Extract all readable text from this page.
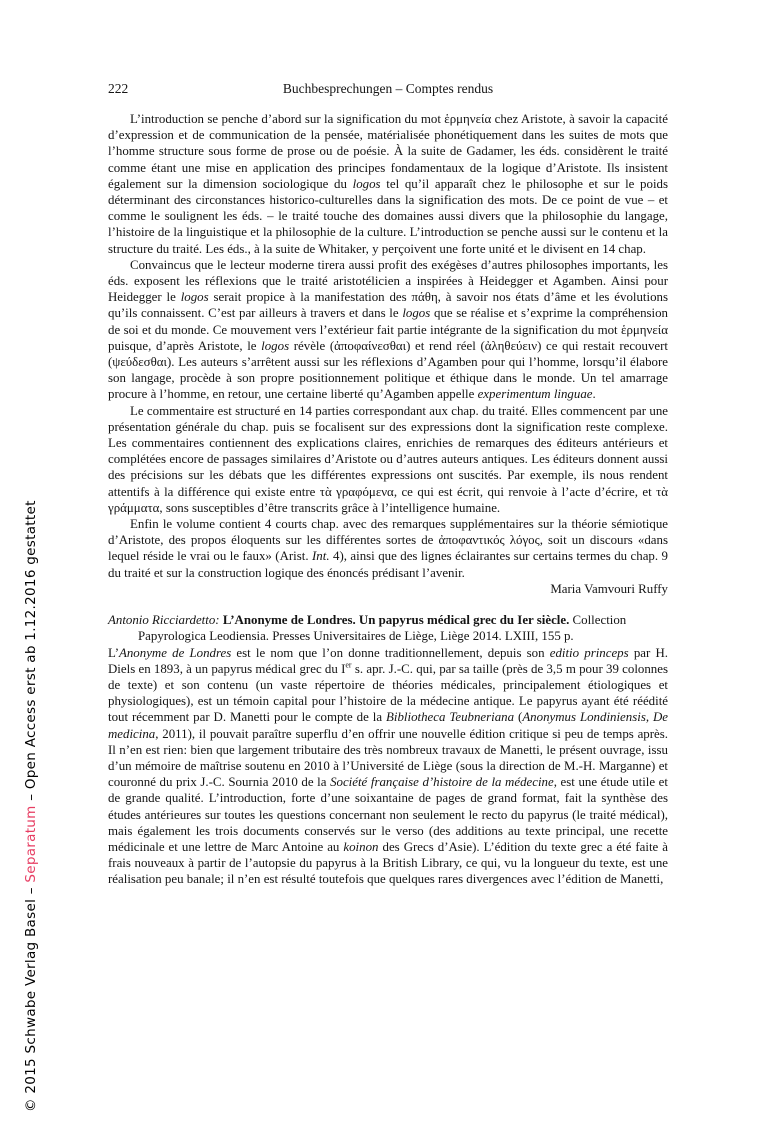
© 2015 Schwabe Verlag Basel – Separatum – Open Access erst ab 1.12.2016 gestattet
222	Buchbesprechungen – Comptes rendus

L’introduction se penche d’abord sur la signification du mot ἑρμηνεία chez Aristote, à savoir la capacité d’expression et de communication de la pensée, matérialisée phonétiquement dans les suites de mots que l’homme structure sous forme de prose ou de poésie. À la suite de Gadamer, les éds. considèrent le traité comme étant une mise en application des principes fondamentaux de la logique d’Aristote. Ils insistent également sur la dimension sociologique du logos tel qu’il apparaît chez le philosophe et sur le poids déterminant des circonstances historico-culturelles dans la signification des mots. De ce point de vue – et comme le soulignent les éds. – le traité touche des domaines aussi divers que la philosophie du langage, l’histoire de la linguistique et la philosophie de la culture. L’introduction se penche aussi sur le contenu et la structure du traité. Les éds., à la suite de Whitaker, y perçoivent une forte unité et le divisent en 14 chap.

Convaincus que le lecteur moderne tirera aussi profit des exégèses d’autres philosophes importants, les éds. exposent les réflexions que le traité aristotélicien a inspirées à Heidegger et Agamben. Ainsi pour Heidegger le logos serait propice à la manifestation des πάθη, à savoir nos états d’âme et les évolutions qu’ils connaissent. C’est par ailleurs à travers et dans le logos que se réalise et s’exprime la compréhension de soi et du monde. Ce mouvement vers l’extérieur fait partie intégrante de la signification du mot ἑρμηνεία puisque, d’après Aristote, le logos révèle (ἀποφαίνεσθαι) et rend réel (ἀληθεύειν) ce qui restait recouvert (ψεύδεσθαι). Les auteurs s’arrêtent aussi sur les réflexions d’Agamben pour qui l’homme, lorsqu’il élabore son langage, procède à son propre positionnement politique et éthique dans le monde. Un tel amarrage procure à l’homme, en retour, une certaine liberté qu’Agamben appelle experimentum linguae.

Le commentaire est structuré en 14 parties correspondant aux chap. du traité. Elles commencent par une présentation générale du chap. puis se focalisent sur des expressions dont la signification reste complexe. Les commentaires contiennent des explications claires, enrichies de remarques des éditeurs antérieurs et complétées encore de passages similaires d’Aristote ou d’autres auteurs antiques. Les éditeurs donnent aussi des précisions sur les débats que les différentes expressions ont suscités. Par exemple, ils nous rendent attentifs à la différence qui existe entre τὰ γραφόμενα, ce qui est écrit, qui renvoie à l’acte d’écrire, et τὰ γράμματα, sons susceptibles d’être transcrits grâce à l’intelligence humaine.

Enfin le volume contient 4 courts chap. avec des remarques supplémentaires sur la théorie sémiotique d’Aristote, des propos éloquents sur les différentes sortes de ἀποφαντικός λόγος, soit un discours «dans lequel réside le vrai ou le faux» (Arist. Int. 4), ainsi que des lignes éclairantes sur certains termes du chap. 9 du traité et sur la construction logique des énoncés prédisant l’avenir.

Maria Vamvouri Ruffy

Antonio Ricciardetto: L’Anonyme de Londres. Un papyrus médical grec du Ier siècle. Collection Papyrologica Leodiensia. Presses Universitaires de Liège, Liège 2014. LXIII, 155 p.

L’Anonyme de Londres est le nom que l’on donne traditionnellement, depuis son editio princeps par H. Diels en 1893, à un papyrus médical grec du Ier s. apr. J.-C. qui, par sa taille (près de 3,5 m pour 39 colonnes de texte) et son contenu (un vaste répertoire de théories médicales, principalement étiologiques et physiologiques), est un témoin capital pour l’histoire de la médecine antique. Le papyrus ayant été réédité tout récemment par D. Manetti pour le compte de la Bibliotheca Teubneriana (Anonymus Londiniensis, De medicina, 2011), il pouvait paraître superflu d’en offrir une nouvelle édition critique si peu de temps après. Il n’en est rien: bien que largement tributaire des très nombreux travaux de Manetti, le présent ouvrage, issu d’un mémoire de maîtrise soutenu en 2010 à l’Université de Liège (sous la direction de M.-H. Marganne) et couronné du prix J.-C. Sournia 2010 de la Société française d’histoire de la médecine, est une étude utile et de grande qualité. L’introduction, forte d’une soixantaine de pages de grand format, fait la synthèse des études antérieures sur toutes les questions concernant non seulement le recto du papyrus (le traité médical), mais également les trois documents conservés sur le verso (des additions au texte principal, une recette médicinale et une lettre de Marc Antoine au koinon des Grecs d’Asie). L’édition du texte grec a été faite à frais nouveaux à partir de l’autopsie du papyrus à la British Library, ce qui, vu la longueur du texte, est une réalisation peu banale; il n’en est résulté toutefois que quelques rares divergences avec l’édition de Manetti,
